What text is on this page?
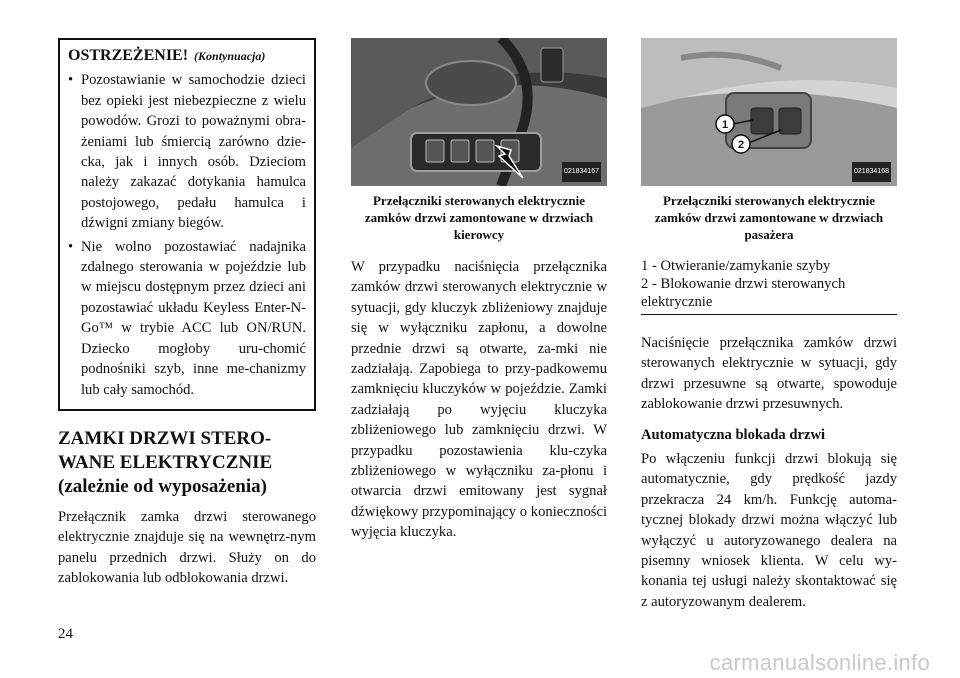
OSTRZEŻENIE! (Kontynuacja)
• Pozostawianie w samochodzie dzieci bez opieki jest niebezpieczne z wielu powodów. Grozi to poważnymi obra-żeniami lub śmiercią zarówno dzie-cka, jak i innych osób. Dzieciom należy zakazać dotykania hamulca postojowego, pedału hamulca i dźwigni zmiany biegów.
• Nie wolno pozostawiać nadajnika zdalnego sterowania w pojeździe lub w miejscu dostępnym przez dzieci ani pozostawiać układu Keyless Enter-N-Go™ w trybie ACC lub ON/RUN. Dziecko mogłoby uru-chomić podnośniki szyb, inne me-chanizmy lub cały samochód.
ZAMKI DRZWI STERO-
WANE ELEKTRYCZNIE
(zależnie od wyposażenia)

Przełącznik zamka drzwi sterowanego elektrycznie znajduje się na wewnętrz-nym panelu przednich drzwi. Służy on do zablokowania lub odblokowania drzwi.

021834167
Przełączniki sterowanych elektrycznie zamków drzwi zamontowane w drzwiach kierowcy

W przypadku naciśnięcia przełącznika zamków drzwi sterowanych elektrycznie w sytuacji, gdy kluczyk zbliżeniowy znajduje się w wyłączniku zapłonu, a dowolne przednie drzwi są otwarte, za-mki nie zadziałają. Zapobiega to przy-padkowemu zamknięciu kluczyków w pojeździe. Zamki zadziałają po wyjęciu kluczyka zbliżeniowego lub zamknięciu drzwi. W przypadku pozostawienia klu-czyka zbliżeniowego w wyłączniku za-płonu i otwarcia drzwi emitowany jest sygnał dźwiękowy przypominający o konieczności wyjęcia kluczyka.

1
2
021834168
Przełączniki sterowanych elektrycznie zamków drzwi zamontowane w drzwiach pasażera
1 - Otwieranie/zamykanie szyby
2 - Blokowanie drzwi sterowanych elektrycznie

Naciśnięcie przełącznika zamków drzwi sterowanych elektrycznie w sytuacji, gdy drzwi przesuwne są otwarte, spowoduje zablokowanie drzwi przesuwnych.

Automatyczna blokada drzwi

Po włączeniu funkcji drzwi blokują się automatycznie, gdy prędkość jazdy przekracza 24 km/h. Funkcję automa-tycznej blokady drzwi można włączyć lub wyłączyć u autoryzowanego dealera na pisemny wniosek klienta. W celu wy-konania tej usługi należy skontaktować się z autoryzowanym dealerem.

24
carmanualsonline.info
